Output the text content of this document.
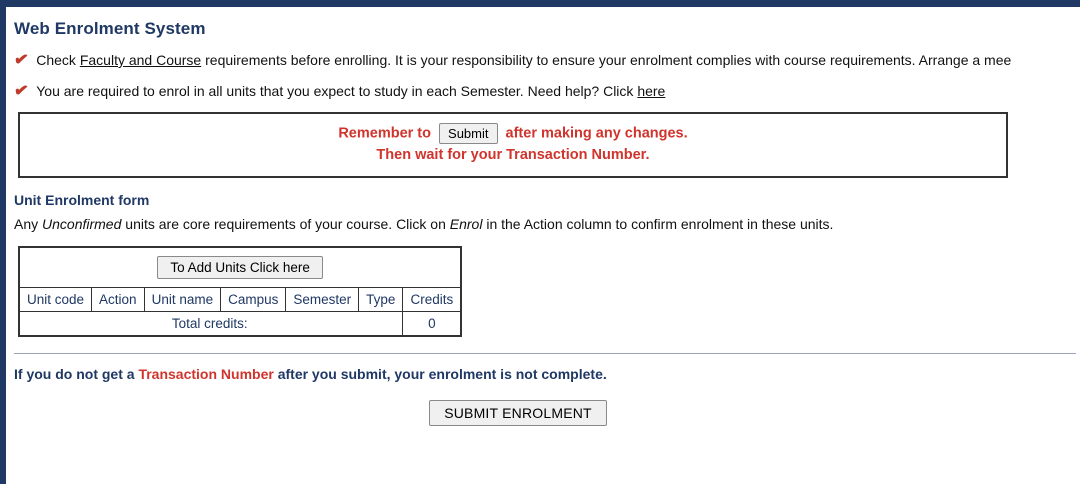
Web Enrolment System
✔ Check Faculty and Course requirements before enrolling. It is your responsibility to ensure your enrolment complies with course requirements. Arrange a mee
✔ You are required to enrol in all units that you expect to study in each Semester. Need help? Click here
Remember to Submit after making any changes.
Then wait for your Transaction Number.
Unit Enrolment form
Any Unconfirmed units are core requirements of your course. Click on Enrol in the Action column to confirm enrolment in these units.
To Add Units Click here						
Unit code	Action	Unit name	Campus	Semester	Type	Credits
Total credits:						0
If you do not get a Transaction Number after you submit, your enrolment is not complete.
SUBMIT ENROLMENT
